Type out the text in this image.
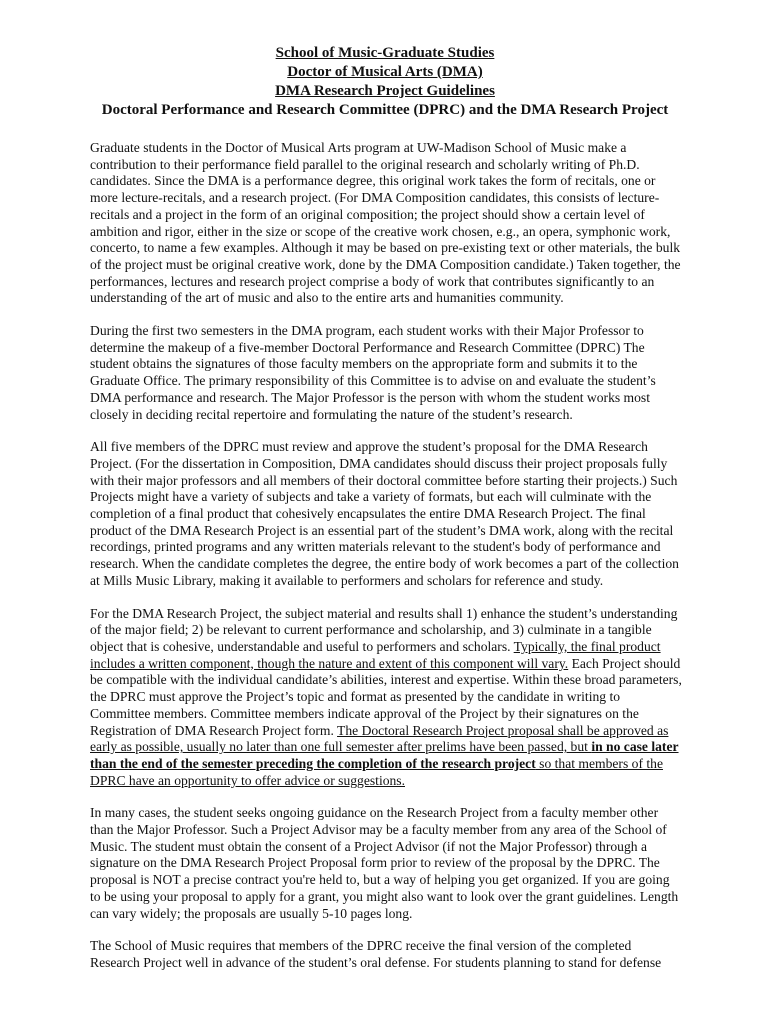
School of Music-Graduate Studies
Doctor of Musical Arts (DMA)
DMA Research Project Guidelines
Doctoral Performance and Research Committee (DPRC) and the DMA Research Project

Graduate students in the Doctor of Musical Arts program at UW-Madison School of Music make a contribution to their performance field parallel to the original research and scholarly writing of Ph.D. candidates. Since the DMA is a performance degree, this original work takes the form of recitals, one or more lecture-recitals, and a research project. (For DMA Composition candidates, this consists of lecture-recitals and a project in the form of an original composition; the project should show a certain level of ambition and rigor, either in the size or scope of the creative work chosen, e.g., an opera, symphonic work, concerto, to name a few examples. Although it may be based on pre-existing text or other materials, the bulk of the project must be original creative work, done by the DMA Composition candidate.) Taken together, the performances, lectures and research project comprise a body of work that contributes significantly to an understanding of the art of music and also to the entire arts and humanities community.

During the first two semesters in the DMA program, each student works with their Major Professor to determine the makeup of a five-member Doctoral Performance and Research Committee (DPRC) The student obtains the signatures of those faculty members on the appropriate form and submits it to the Graduate Office. The primary responsibility of this Committee is to advise on and evaluate the student’s DMA performance and research. The Major Professor is the person with whom the student works most closely in deciding recital repertoire and formulating the nature of the student’s research.

All five members of the DPRC must review and approve the student’s proposal for the DMA Research Project. (For the dissertation in Composition, DMA candidates should discuss their project proposals fully with their major professors and all members of their doctoral committee before starting their projects.) Such Projects might have a variety of subjects and take a variety of formats, but each will culminate with the completion of a final product that cohesively encapsulates the entire DMA Research Project. The final product of the DMA Research Project is an essential part of the student’s DMA work, along with the recital recordings, printed programs and any written materials relevant to the student's body of performance and research. When the candidate completes the degree, the entire body of work becomes a part of the collection at Mills Music Library, making it available to performers and scholars for reference and study.

For the DMA Research Project, the subject material and results shall 1) enhance the student’s understanding of the major field; 2) be relevant to current performance and scholarship, and 3) culminate in a tangible object that is cohesive, understandable and useful to performers and scholars. Typically, the final product includes a written component, though the nature and extent of this component will vary. Each Project should be compatible with the individual candidate’s abilities, interest and expertise. Within these broad parameters, the DPRC must approve the Project’s topic and format as presented by the candidate in writing to Committee members. Committee members indicate approval of the Project by their signatures on the Registration of DMA Research Project form. The Doctoral Research Project proposal shall be approved as early as possible, usually no later than one full semester after prelims have been passed, but in no case later than the end of the semester preceding the completion of the research project so that members of the DPRC have an opportunity to offer advice or suggestions.

In many cases, the student seeks ongoing guidance on the Research Project from a faculty member other than the Major Professor. Such a Project Advisor may be a faculty member from any area of the School of Music. The student must obtain the consent of a Project Advisor (if not the Major Professor) through a signature on the DMA Research Project Proposal form prior to review of the proposal by the DPRC. The proposal is NOT a precise contract you're held to, but a way of helping you get organized. If you are going to be using your proposal to apply for a grant, you might also want to look over the grant guidelines. Length can vary widely; the proposals are usually 5-10 pages long.

The School of Music requires that members of the DPRC receive the final version of the completed Research Project well in advance of the student’s oral defense. For students planning to stand for defense
